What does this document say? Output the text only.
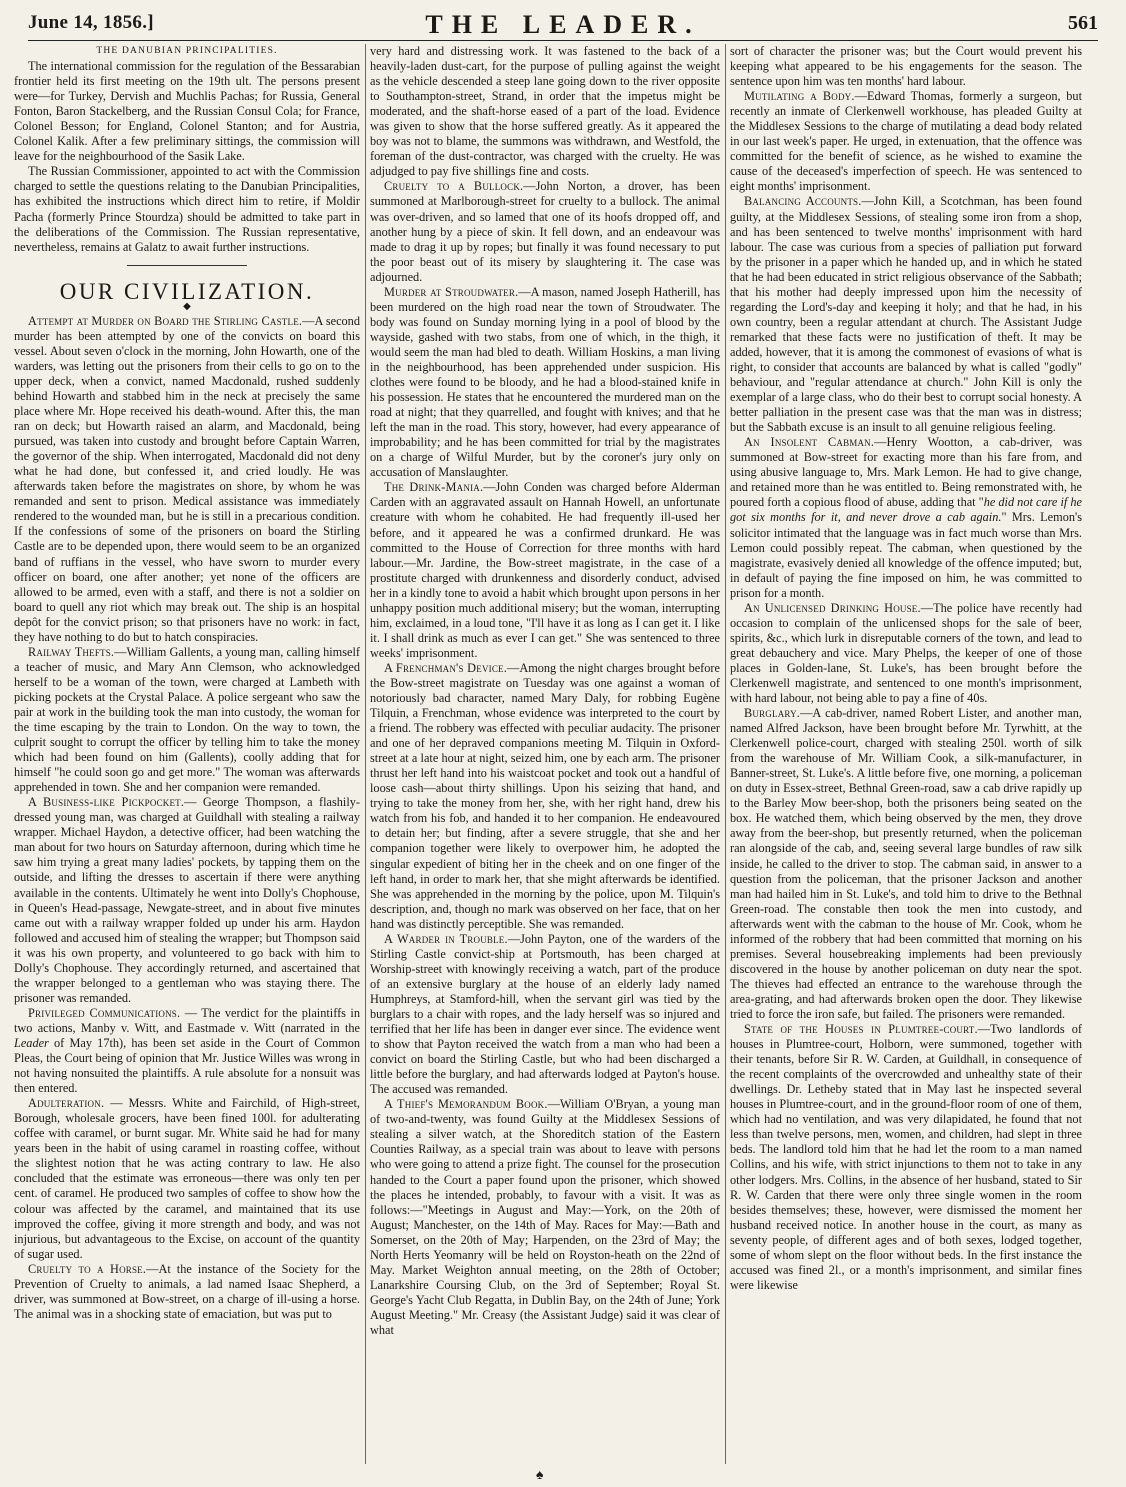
June 14, 1856.]	THE LEADER.	561

THE DANUBIAN PRINCIPALITIES.

The international commission for the regulation of the Bessarabian frontier held its first meeting on the 19th ult. The persons present were—for Turkey, Dervish and Muchlis Pachas; for Russia, General Fonton, Baron Stackelberg, and the Russian Consul Cola; for France, Colonel Besson; for England, Colonel Stanton; and for Austria, Colonel Kalik. After a few preliminary sittings, the commission will leave for the neighbourhood of the Sasik Lake.

The Russian Commissioner, appointed to act with the Commission charged to settle the questions relating to the Danubian Principalities, has exhibited the instructions which direct him to retire, if Moldir Pacha (formerly Prince Stourdza) should be admitted to take part in the deliberations of the Commission. The Russian representative, nevertheless, remains at Galatz to await further instructions.

OUR CIVILIZATION.

◆

Attempt at Murder on Board the Stirling Castle.—A second murder has been attempted by one of the convicts on board this vessel. About seven o'clock in the morning, John Howarth, one of the warders, was letting out the prisoners from their cells to go on to the upper deck, when a convict, named Macdonald, rushed suddenly behind Howarth and stabbed him in the neck at precisely the same place where Mr. Hope received his death-wound. After this, the man ran on deck; but Howarth raised an alarm, and Macdonald, being pursued, was taken into custody and brought before Captain Warren, the governor of the ship. When interrogated, Macdonald did not deny what he had done, but confessed it, and cried loudly. He was afterwards taken before the magistrates on shore, by whom he was remanded and sent to prison. Medical assistance was immediately rendered to the wounded man, but he is still in a precarious condition. If the confessions of some of the prisoners on board the Stirling Castle are to be depended upon, there would seem to be an organized band of ruffians in the vessel, who have sworn to murder every officer on board, one after another; yet none of the officers are allowed to be armed, even with a staff, and there is not a soldier on board to quell any riot which may break out. The ship is an hospital depôt for the convict prison; so that prisoners have no work: in fact, they have nothing to do but to hatch conspiracies.

Railway Thefts.—William Gallents, a young man, calling himself a teacher of music, and Mary Ann Clemson, who acknowledged herself to be a woman of the town, were charged at Lambeth with picking pockets at the Crystal Palace. A police sergeant who saw the pair at work in the building took the man into custody, the woman for the time escaping by the train to London. On the way to town, the culprit sought to corrupt the officer by telling him to take the money which had been found on him (Gallents), coolly adding that for himself "he could soon go and get more." The woman was afterwards apprehended in town. She and her companion were remanded.

A Business-like Pickpocket.— George Thompson, a flashily-dressed young man, was charged at Guildhall with stealing a railway wrapper. Michael Haydon, a detective officer, had been watching the man about for two hours on Saturday afternoon, during which time he saw him trying a great many ladies' pockets, by tapping them on the outside, and lifting the dresses to ascertain if there were anything available in the contents. Ultimately he went into Dolly's Chophouse, in Queen's Head-passage, Newgate-street, and in about five minutes came out with a railway wrapper folded up under his arm. Haydon followed and accused him of stealing the wrapper; but Thompson said it was his own property, and volunteered to go back with him to Dolly's Chophouse. They accordingly returned, and ascertained that the wrapper belonged to a gentleman who was staying there. The prisoner was remanded.

Privileged Communications. — The verdict for the plaintiffs in two actions, Manby v. Witt, and Eastmade v. Witt (narrated in the Leader of May 17th), has been set aside in the Court of Common Pleas, the Court being of opinion that Mr. Justice Willes was wrong in not having nonsuited the plaintiffs. A rule absolute for a nonsuit was then entered.

Adulteration. — Messrs. White and Fairchild, of High-street, Borough, wholesale grocers, have been fined 100l. for adulterating coffee with caramel, or burnt sugar. Mr. White said he had for many years been in the habit of using caramel in roasting coffee, without the slightest notion that he was acting contrary to law. He also concluded that the estimate was erroneous—there was only ten per cent. of caramel. He produced two samples of coffee to show how the colour was affected by the caramel, and maintained that its use improved the coffee, giving it more strength and body, and was not injurious, but advantageous to the Excise, on account of the quantity of sugar used.

Cruelty to a Horse.—At the instance of the Society for the Prevention of Cruelty to animals, a lad named Isaac Shepherd, a driver, was summoned at Bow-street, on a charge of ill-using a horse. The animal was in a shocking state of emaciation, but was put to

very hard and distressing work. It was fastened to the back of a heavily-laden dust-cart, for the purpose of pulling against the weight as the vehicle descended a steep lane going down to the river opposite to Southampton-street, Strand, in order that the impetus might be moderated, and the shaft-horse eased of a part of the load. Evidence was given to show that the horse suffered greatly. As it appeared the boy was not to blame, the summons was withdrawn, and Westfold, the foreman of the dust-contractor, was charged with the cruelty. He was adjudged to pay five shillings fine and costs.

Cruelty to a Bullock.—John Norton, a drover, has been summoned at Marlborough-street for cruelty to a bullock. The animal was over-driven, and so lamed that one of its hoofs dropped off, and another hung by a piece of skin. It fell down, and an endeavour was made to drag it up by ropes; but finally it was found necessary to put the poor beast out of its misery by slaughtering it. The case was adjourned.

Murder at Stroudwater.—A mason, named Joseph Hatherill, has been murdered on the high road near the town of Stroudwater. The body was found on Sunday morning lying in a pool of blood by the wayside, gashed with two stabs, from one of which, in the thigh, it would seem the man had bled to death. William Hoskins, a man living in the neighbourhood, has been apprehended under suspicion. His clothes were found to be bloody, and he had a blood-stained knife in his possession. He states that he encountered the murdered man on the road at night; that they quarrelled, and fought with knives; and that he left the man in the road. This story, however, had every appearance of improbability; and he has been committed for trial by the magistrates on a charge of Wilful Murder, but by the coroner's jury only on accusation of Manslaughter.

The Drink-Mania.—John Conden was charged before Alderman Carden with an aggravated assault on Hannah Howell, an unfortunate creature with whom he cohabited. He had frequently ill-used her before, and it appeared he was a confirmed drunkard. He was committed to the House of Correction for three months with hard labour.—Mr. Jardine, the Bow-street magistrate, in the case of a prostitute charged with drunkenness and disorderly conduct, advised her in a kindly tone to avoid a habit which brought upon persons in her unhappy position much additional misery; but the woman, interrupting him, exclaimed, in a loud tone, "I'll have it as long as I can get it. I like it. I shall drink as much as ever I can get." She was sentenced to three weeks' imprisonment.

A Frenchman's Device.—Among the night charges brought before the Bow-street magistrate on Tuesday was one against a woman of notoriously bad character, named Mary Daly, for robbing Eugène Tilquin, a Frenchman, whose evidence was interpreted to the court by a friend. The robbery was effected with peculiar audacity. The prisoner and one of her depraved companions meeting M. Tilquin in Oxford-street at a late hour at night, seized him, one by each arm. The prisoner thrust her left hand into his waistcoat pocket and took out a handful of loose cash—about thirty shillings. Upon his seizing that hand, and trying to take the money from her, she, with her right hand, drew his watch from his fob, and handed it to her companion. He endeavoured to detain her; but finding, after a severe struggle, that she and her companion together were likely to overpower him, he adopted the singular expedient of biting her in the cheek and on one finger of the left hand, in order to mark her, that she might afterwards be identified. She was apprehended in the morning by the police, upon M. Tilquin's description, and, though no mark was observed on her face, that on her hand was distinctly perceptible. She was remanded.

A Warder in Trouble.—John Payton, one of the warders of the Stirling Castle convict-ship at Portsmouth, has been charged at Worship-street with knowingly receiving a watch, part of the produce of an extensive burglary at the house of an elderly lady named Humphreys, at Stamford-hill, when the servant girl was tied by the burglars to a chair with ropes, and the lady herself was so injured and terrified that her life has been in danger ever since. The evidence went to show that Payton received the watch from a man who had been a convict on board the Stirling Castle, but who had been discharged a little before the burglary, and had afterwards lodged at Payton's house. The accused was remanded.

A Thief's Memorandum Book.—William O'Bryan, a young man of two-and-twenty, was found Guilty at the Middlesex Sessions of stealing a silver watch, at the Shoreditch station of the Eastern Counties Railway, as a special train was about to leave with persons who were going to attend a prize fight. The counsel for the prosecution handed to the Court a paper found upon the prisoner, which showed the places he intended, probably, to favour with a visit. It was as follows:—"Meetings in August and May:—York, on the 20th of August; Manchester, on the 14th of May. Races for May:—Bath and Somerset, on the 20th of May; Harpenden, on the 23rd of May; the North Herts Yeomanry will be held on Royston-heath on the 22nd of May. Market Weighton annual meeting, on the 28th of October; Lanarkshire Coursing Club, on the 3rd of September; Royal St. George's Yacht Club Regatta, in Dublin Bay, on the 24th of June; York August Meeting." Mr. Creasy (the Assistant Judge) said it was clear of what

sort of character the prisoner was; but the Court would prevent his keeping what appeared to be his engagements for the season. The sentence upon him was ten months' hard labour.

Mutilating a Body.—Edward Thomas, formerly a surgeon, but recently an inmate of Clerkenwell workhouse, has pleaded Guilty at the Middlesex Sessions to the charge of mutilating a dead body related in our last week's paper. He urged, in extenuation, that the offence was committed for the benefit of science, as he wished to examine the cause of the deceased's imperfection of speech. He was sentenced to eight months' imprisonment.

Balancing Accounts.—John Kill, a Scotchman, has been found guilty, at the Middlesex Sessions, of stealing some iron from a shop, and has been sentenced to twelve months' imprisonment with hard labour. The case was curious from a species of palliation put forward by the prisoner in a paper which he handed up, and in which he stated that he had been educated in strict religious observance of the Sabbath; that his mother had deeply impressed upon him the necessity of regarding the Lord's-day and keeping it holy; and that he had, in his own country, been a regular attendant at church. The Assistant Judge remarked that these facts were no justification of theft. It may be added, however, that it is among the commonest of evasions of what is right, to consider that accounts are balanced by what is called "godly" behaviour, and "regular attendance at church." John Kill is only the exemplar of a large class, who do their best to corrupt social honesty. A better palliation in the present case was that the man was in distress; but the Sabbath excuse is an insult to all genuine religious feeling.

An Insolent Cabman.—Henry Wootton, a cab-driver, was summoned at Bow-street for exacting more than his fare from, and using abusive language to, Mrs. Mark Lemon. He had to give change, and retained more than he was entitled to. Being remonstrated with, he poured forth a copious flood of abuse, adding that "he did not care if he got six months for it, and never drove a cab again." Mrs. Lemon's solicitor intimated that the language was in fact much worse than Mrs. Lemon could possibly repeat. The cabman, when questioned by the magistrate, evasively denied all knowledge of the offence imputed; but, in default of paying the fine imposed on him, he was committed to prison for a month.

An Unlicensed Drinking House.—The police have recently had occasion to complain of the unlicensed shops for the sale of beer, spirits, &c., which lurk in disreputable corners of the town, and lead to great debauchery and vice. Mary Phelps, the keeper of one of those places in Golden-lane, St. Luke's, has been brought before the Clerkenwell magistrate, and sentenced to one month's imprisonment, with hard labour, not being able to pay a fine of 40s.

Burglary.—A cab-driver, named Robert Lister, and another man, named Alfred Jackson, have been brought before Mr. Tyrwhitt, at the Clerkenwell police-court, charged with stealing 250l. worth of silk from the warehouse of Mr. William Cook, a silk-manufacturer, in Banner-street, St. Luke's. A little before five, one morning, a policeman on duty in Essex-street, Bethnal Green-road, saw a cab drive rapidly up to the Barley Mow beer-shop, both the prisoners being seated on the box. He watched them, which being observed by the men, they drove away from the beer-shop, but presently returned, when the policeman ran alongside of the cab, and, seeing several large bundles of raw silk inside, he called to the driver to stop. The cabman said, in answer to a question from the policeman, that the prisoner Jackson and another man had hailed him in St. Luke's, and told him to drive to the Bethnal Green-road. The constable then took the men into custody, and afterwards went with the cabman to the house of Mr. Cook, whom he informed of the robbery that had been committed that morning on his premises. Several housebreaking implements had been previously discovered in the house by another policeman on duty near the spot. The thieves had effected an entrance to the warehouse through the area-grating, and had afterwards broken open the door. They likewise tried to force the iron safe, but failed. The prisoners were remanded.

State of the Houses in Plumtree-court.—Two landlords of houses in Plumtree-court, Holborn, were summoned, together with their tenants, before Sir R. W. Carden, at Guildhall, in consequence of the recent complaints of the overcrowded and unhealthy state of their dwellings. Dr. Letheby stated that in May last he inspected several houses in Plumtree-court, and in the ground-floor room of one of them, which had no ventilation, and was very dilapidated, he found that not less than twelve persons, men, women, and children, had slept in three beds. The landlord told him that he had let the room to a man named Collins, and his wife, with strict injunctions to them not to take in any other lodgers. Mrs. Collins, in the absence of her husband, stated to Sir R. W. Carden that there were only three single women in the room besides themselves; these, however, were dismissed the moment her husband received notice. In another house in the court, as many as seventy people, of different ages and of both sexes, lodged together, some of whom slept on the floor without beds. In the first instance the accused was fined 2l., or a month's imprisonment, and similar fines were likewise

♠
